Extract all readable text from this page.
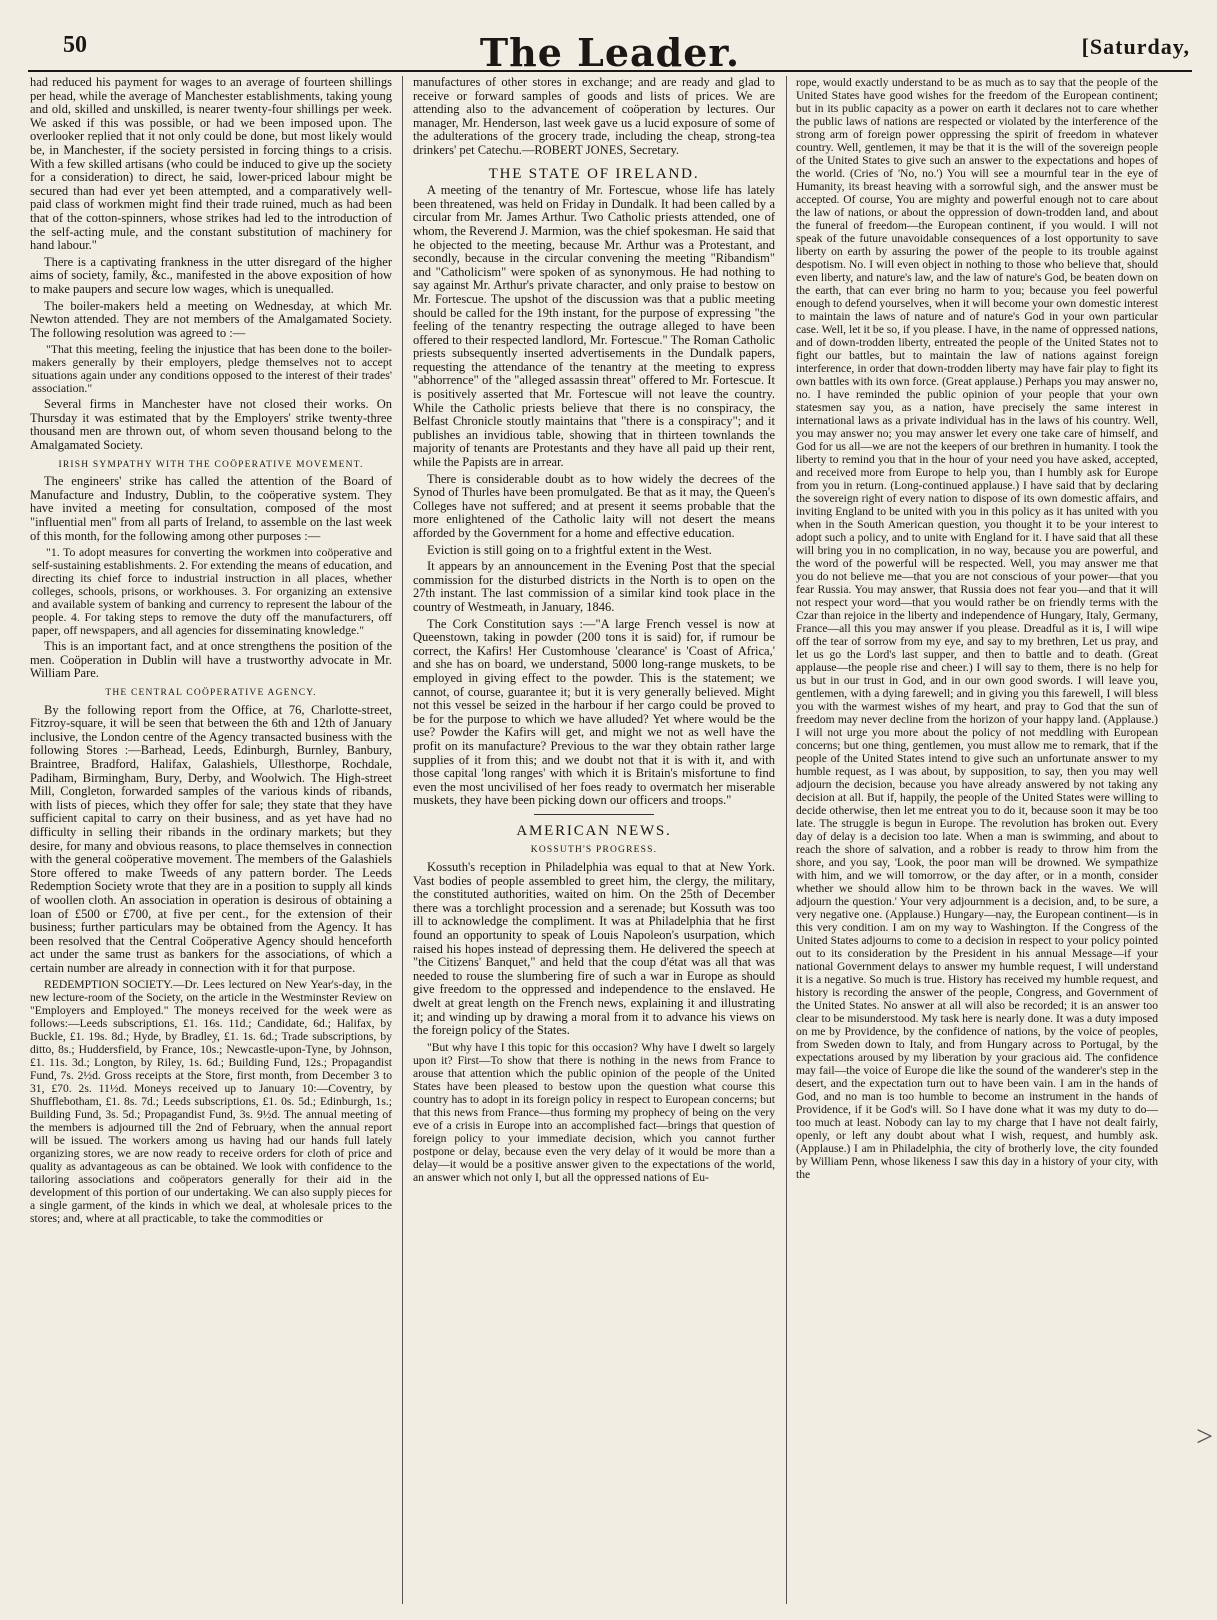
50	The Leader.	[Saturday,

had reduced his payment for wages to an average of fourteen shillings per head, while the average of Manchester establishments, taking young and old, skilled and unskilled, is nearer twenty-four shillings per week. We asked if this was possible, or had we been imposed upon. The overlooker replied that it not only could be done, but most likely would be, in Manchester, if the society persisted in forcing things to a crisis. With a few skilled artisans (who could be induced to give up the society for a consideration) to direct, he said, lower-priced labour might be secured than had ever yet been attempted, and a comparatively well-paid class of workmen might find their trade ruined, much as had been that of the cotton-spinners, whose strikes had led to the introduction of the self-acting mule, and the constant substitution of machinery for hand labour."

There is a captivating frankness in the utter disregard of the higher aims of society, family, &c., manifested in the above exposition of how to make paupers and secure low wages, which is unequalled.

The boiler-makers held a meeting on Wednesday, at which Mr. Newton attended. They are not members of the Amalgamated Society. The following resolution was agreed to :—

"That this meeting, feeling the injustice that has been done to the boiler-makers generally by their employers, pledge themselves not to accept situations again under any conditions opposed to the interest of their trades' association."

Several firms in Manchester have not closed their works. On Thursday it was estimated that by the Employers' strike twenty-three thousand men are thrown out, of whom seven thousand belong to the Amalgamated Society.

IRISH SYMPATHY WITH THE COÖPERATIVE MOVEMENT.

The engineers' strike has called the attention of the Board of Manufacture and Industry, Dublin, to the coöperative system. They have invited a meeting for consultation, composed of the most "influential men" from all parts of Ireland, to assemble on the last week of this month, for the following among other purposes :—

"1. To adopt measures for converting the workmen into coöperative and self-sustaining establishments. 2. For extending the means of education, and directing its chief force to industrial instruction in all places, whether colleges, schools, prisons, or workhouses. 3. For organizing an extensive and available system of banking and currency to represent the labour of the people. 4. For taking steps to remove the duty off the manufacturers, off paper, off newspapers, and all agencies for disseminating knowledge."

This is an important fact, and at once strengthens the position of the men. Coöperation in Dublin will have a trustworthy advocate in Mr. William Pare.

THE CENTRAL COÖPERATIVE AGENCY.

By the following report from the Office, at 76, Charlotte-street, Fitzroy-square, it will be seen that between the 6th and 12th of January inclusive, the London centre of the Agency transacted business with the following Stores :—Barhead, Leeds, Edinburgh, Burnley, Banbury, Braintree, Bradford, Halifax, Galashiels, Ullesthorpe, Rochdale, Padiham, Birmingham, Bury, Derby, and Woolwich. The High-street Mill, Congleton, forwarded samples of the various kinds of ribands, with lists of pieces, which they offer for sale; they state that they have sufficient capital to carry on their business, and as yet have had no difficulty in selling their ribands in the ordinary markets; but they desire, for many and obvious reasons, to place themselves in connection with the general coöperative movement. The members of the Galashiels Store offered to make Tweeds of any pattern border. The Leeds Redemption Society wrote that they are in a position to supply all kinds of woollen cloth. An association in operation is desirous of obtaining a loan of £500 or £700, at five per cent., for the extension of their business; further particulars may be obtained from the Agency. It has been resolved that the Central Coöperative Agency should henceforth act under the same trust as bankers for the associations, of which a certain number are already in connection with it for that purpose.

REDEMPTION SOCIETY.—Dr. Lees lectured on New Year's-day, in the new lecture-room of the Society, on the article in the Westminster Review on "Employers and Employed." The moneys received for the week were as follows:—Leeds subscriptions, £1. 16s. 11d.; Candidate, 6d.; Halifax, by Buckle, £1. 19s. 8d.; Hyde, by Bradley, £1. 1s. 6d.; Trade subscriptions, by ditto, 8s.; Huddersfield, by France, 10s.; Newcastle-upon-Tyne, by Johnson, £1. 11s. 3d.; Longton, by Riley, 1s. 6d.; Building Fund, 12s.; Propagandist Fund, 7s. 2½d. Gross receipts at the Store, first month, from December 3 to 31, £70. 2s. 11½d. Moneys received up to January 10:—Coventry, by Shufflebotham, £1. 8s. 7d.; Leeds subscriptions, £1. 0s. 5d.; Edinburgh, 1s.; Building Fund, 3s. 5d.; Propagandist Fund, 3s. 9½d. The annual meeting of the members is adjourned till the 2nd of February, when the annual report will be issued. The workers among us having had our hands full lately organizing stores, we are now ready to receive orders for cloth of price and quality as advantageous as can be obtained. We look with confidence to the tailoring associations and coöperators generally for their aid in the development of this portion of our undertaking. We can also supply pieces for a single garment, of the kinds in which we deal, at wholesale prices to the stores; and, where at all practicable, to take the commodities or

manufactures of other stores in exchange; and are ready and glad to receive or forward samples of goods and lists of prices. We are attending also to the advancement of coöperation by lectures. Our manager, Mr. Henderson, last week gave us a lucid exposure of some of the adulterations of the grocery trade, including the cheap, strong-tea drinkers' pet Catechu.—ROBERT JONES, Secretary.

THE STATE OF IRELAND.

A meeting of the tenantry of Mr. Fortescue, whose life has lately been threatened, was held on Friday in Dundalk. It had been called by a circular from Mr. James Arthur. Two Catholic priests attended, one of whom, the Reverend J. Marmion, was the chief spokesman. He said that he objected to the meeting, because Mr. Arthur was a Protestant, and secondly, because in the circular convening the meeting "Ribandism" and "Catholicism" were spoken of as synonymous. He had nothing to say against Mr. Arthur's private character, and only praise to bestow on Mr. Fortescue. The upshot of the discussion was that a public meeting should be called for the 19th instant, for the purpose of expressing "the feeling of the tenantry respecting the outrage alleged to have been offered to their respected landlord, Mr. Fortescue." The Roman Catholic priests subsequently inserted advertisements in the Dundalk papers, requesting the attendance of the tenantry at the meeting to express "abhorrence" of the "alleged assassin threat" offered to Mr. Fortescue. It is positively asserted that Mr. Fortescue will not leave the country. While the Catholic priests believe that there is no conspiracy, the Belfast Chronicle stoutly maintains that "there is a conspiracy"; and it publishes an invidious table, showing that in thirteen townlands the majority of tenants are Protestants and they have all paid up their rent, while the Papists are in arrear.

There is considerable doubt as to how widely the decrees of the Synod of Thurles have been promulgated. Be that as it may, the Queen's Colleges have not suffered; and at present it seems probable that the more enlightened of the Catholic laity will not desert the means afforded by the Government for a home and effective education.

Eviction is still going on to a frightful extent in the West.

It appears by an announcement in the Evening Post that the special commission for the disturbed districts in the North is to open on the 27th instant. The last commission of a similar kind took place in the country of Westmeath, in January, 1846.

The Cork Constitution says :—"A large French vessel is now at Queenstown, taking in powder (200 tons it is said) for, if rumour be correct, the Kafirs! Her Customhouse 'clearance' is 'Coast of Africa,' and she has on board, we understand, 5000 long-range muskets, to be employed in giving effect to the powder. This is the statement; we cannot, of course, guarantee it; but it is very generally believed. Might not this vessel be seized in the harbour if her cargo could be proved to be for the purpose to which we have alluded? Yet where would be the use? Powder the Kafirs will get, and might we not as well have the profit on its manufacture? Previous to the war they obtain rather large supplies of it from this; and we doubt not that it is with it, and with those capital 'long ranges' with which it is Britain's misfortune to find even the most uncivilised of her foes ready to overmatch her miserable muskets, they have been picking down our officers and troops."

AMERICAN NEWS.
KOSSUTH'S PROGRESS.

Kossuth's reception in Philadelphia was equal to that at New York. Vast bodies of people assembled to greet him, the clergy, the military, the constituted authorities, waited on him. On the 25th of December there was a torchlight procession and a serenade; but Kossuth was too ill to acknowledge the compliment. It was at Philadelphia that he first found an opportunity to speak of Louis Napoleon's usurpation, which raised his hopes instead of depressing them. He delivered the speech at "the Citizens' Banquet," and held that the coup d'état was all that was needed to rouse the slumbering fire of such a war in Europe as should give freedom to the oppressed and independence to the enslaved. He dwelt at great length on the French news, explaining it and illustrating it; and winding up by drawing a moral from it to advance his views on the foreign policy of the States.

"But why have I this topic for this occasion? Why have I dwelt so largely upon it? First—To show that there is nothing in the news from France to arouse that attention which the public opinion of the people of the United States have been pleased to bestow upon the question what course this country has to adopt in its foreign policy in respect to European concerns; but that this news from France—thus forming my prophecy of being on the very eve of a crisis in Europe into an accomplished fact—brings that question of foreign policy to your immediate decision, which you cannot further postpone or delay, because even the very delay of it would be more than a delay—it would be a positive answer given to the expectations of the world, an answer which not only I, but all the oppressed nations of Eu-

rope, would exactly understand to be as much as to say that the people of the United States have good wishes for the freedom of the European continent; but in its public capacity as a power on earth it declares not to care whether the public laws of nations are respected or violated by the interference of the strong arm of foreign power oppressing the spirit of freedom in whatever country. Well, gentlemen, it may be that it is the will of the sovereign people of the United States to give such an answer to the expectations and hopes of the world. (Cries of 'No, no.') You will see a mournful tear in the eye of Humanity, its breast heaving with a sorrowful sigh, and the answer must be accepted. Of course, You are mighty and powerful enough not to care about the law of nations, or about the oppression of down-trodden land, and about the funeral of freedom—the European continent, if you would. I will not speak of the future unavoidable consequences of a lost opportunity to save liberty on earth by assuring the power of the people to its trouble against despotism. No. I will even object in nothing to those who believe that, should even liberty, and nature's law, and the law of nature's God, be beaten down on the earth, that can ever bring no harm to you; because you feel powerful enough to defend yourselves, when it will become your own domestic interest to maintain the laws of nature and of nature's God in your own particular case. Well, let it be so, if you please. I have, in the name of oppressed nations, and of down-trodden liberty, entreated the people of the United States not to fight our battles, but to maintain the law of nations against foreign interference, in order that down-trodden liberty may have fair play to fight its own battles with its own force. (Great applause.) Perhaps you may answer no, no. I have reminded the public opinion of your people that your own statesmen say you, as a nation, have precisely the same interest in international laws as a private individual has in the laws of his country. Well, you may answer no; you may answer let every one take care of himself, and God for us all—we are not the keepers of our brethren in humanity. I took the liberty to remind you that in the hour of your need you have asked, accepted, and received more from Europe to help you, than I humbly ask for Europe from you in return. (Long-continued applause.) I have said that by declaring the sovereign right of every nation to dispose of its own domestic affairs, and inviting England to be united with you in this policy as it has united with you when in the South American question, you thought it to be your interest to adopt such a policy, and to unite with England for it. I have said that all these will bring you in no complication, in no way, because you are powerful, and the word of the powerful will be respected. Well, you may answer me that you do not believe me—that you are not conscious of your power—that you fear Russia. You may answer, that Russia does not fear you—and that it will not respect your word—that you would rather be on friendly terms with the Czar than rejoice in the liberty and independence of Hungary, Italy, Germany, France—all this you may answer if you please. Dreadful as it is, I will wipe off the tear of sorrow from my eye, and say to my brethren, Let us pray, and let us go the Lord's last supper, and then to battle and to death. (Great applause—the people rise and cheer.) I will say to them, there is no help for us but in our trust in God, and in our own good swords. I will leave you, gentlemen, with a dying farewell; and in giving you this farewell, I will bless you with the warmest wishes of my heart, and pray to God that the sun of freedom may never decline from the horizon of your happy land. (Applause.) I will not urge you more about the policy of not meddling with European concerns; but one thing, gentlemen, you must allow me to remark, that if the people of the United States intend to give such an unfortunate answer to my humble request, as I was about, by supposition, to say, then you may well adjourn the decision, because you have already answered by not taking any decision at all. But if, happily, the people of the United States were willing to decide otherwise, then let me entreat you to do it, because soon it may be too late. The struggle is begun in Europe. The revolution has broken out. Every day of delay is a decision too late. When a man is swimming, and about to reach the shore of salvation, and a robber is ready to throw him from the shore, and you say, 'Look, the poor man will be drowned. We sympathize with him, and we will tomorrow, or the day after, or in a month, consider whether we should allow him to be thrown back in the waves. We will adjourn the question.' Your very adjournment is a decision, and, to be sure, a very negative one. (Applause.) Hungary—nay, the European continent—is in this very condition. I am on my way to Washington. If the Congress of the United States adjourns to come to a decision in respect to your policy pointed out to its consideration by the President in his annual Message—if your national Government delays to answer my humble request, I will understand it is a negative. So much is true. History has received my humble request, and history is recording the answer of the people, Congress, and Government of the United States. No answer at all will also be recorded; it is an answer too clear to be misunderstood. My task here is nearly done. It was a duty imposed on me by Providence, by the confidence of nations, by the voice of peoples, from Sweden down to Italy, and from Hungary across to Portugal, by the expectations aroused by my liberation by your gracious aid. The confidence may fail—the voice of Europe die like the sound of the wanderer's step in the desert, and the expectation turn out to have been vain. I am in the hands of God, and no man is too humble to become an instrument in the hands of Providence, if it be God's will. So I have done what it was my duty to do—too much at least. Nobody can lay to my charge that I have not dealt fairly, openly, or left any doubt about what I wish, request, and humbly ask. (Applause.) I am in Philadelphia, the city of brotherly love, the city founded by William Penn, whose likeness I saw this day in a history of your city, with the

>
